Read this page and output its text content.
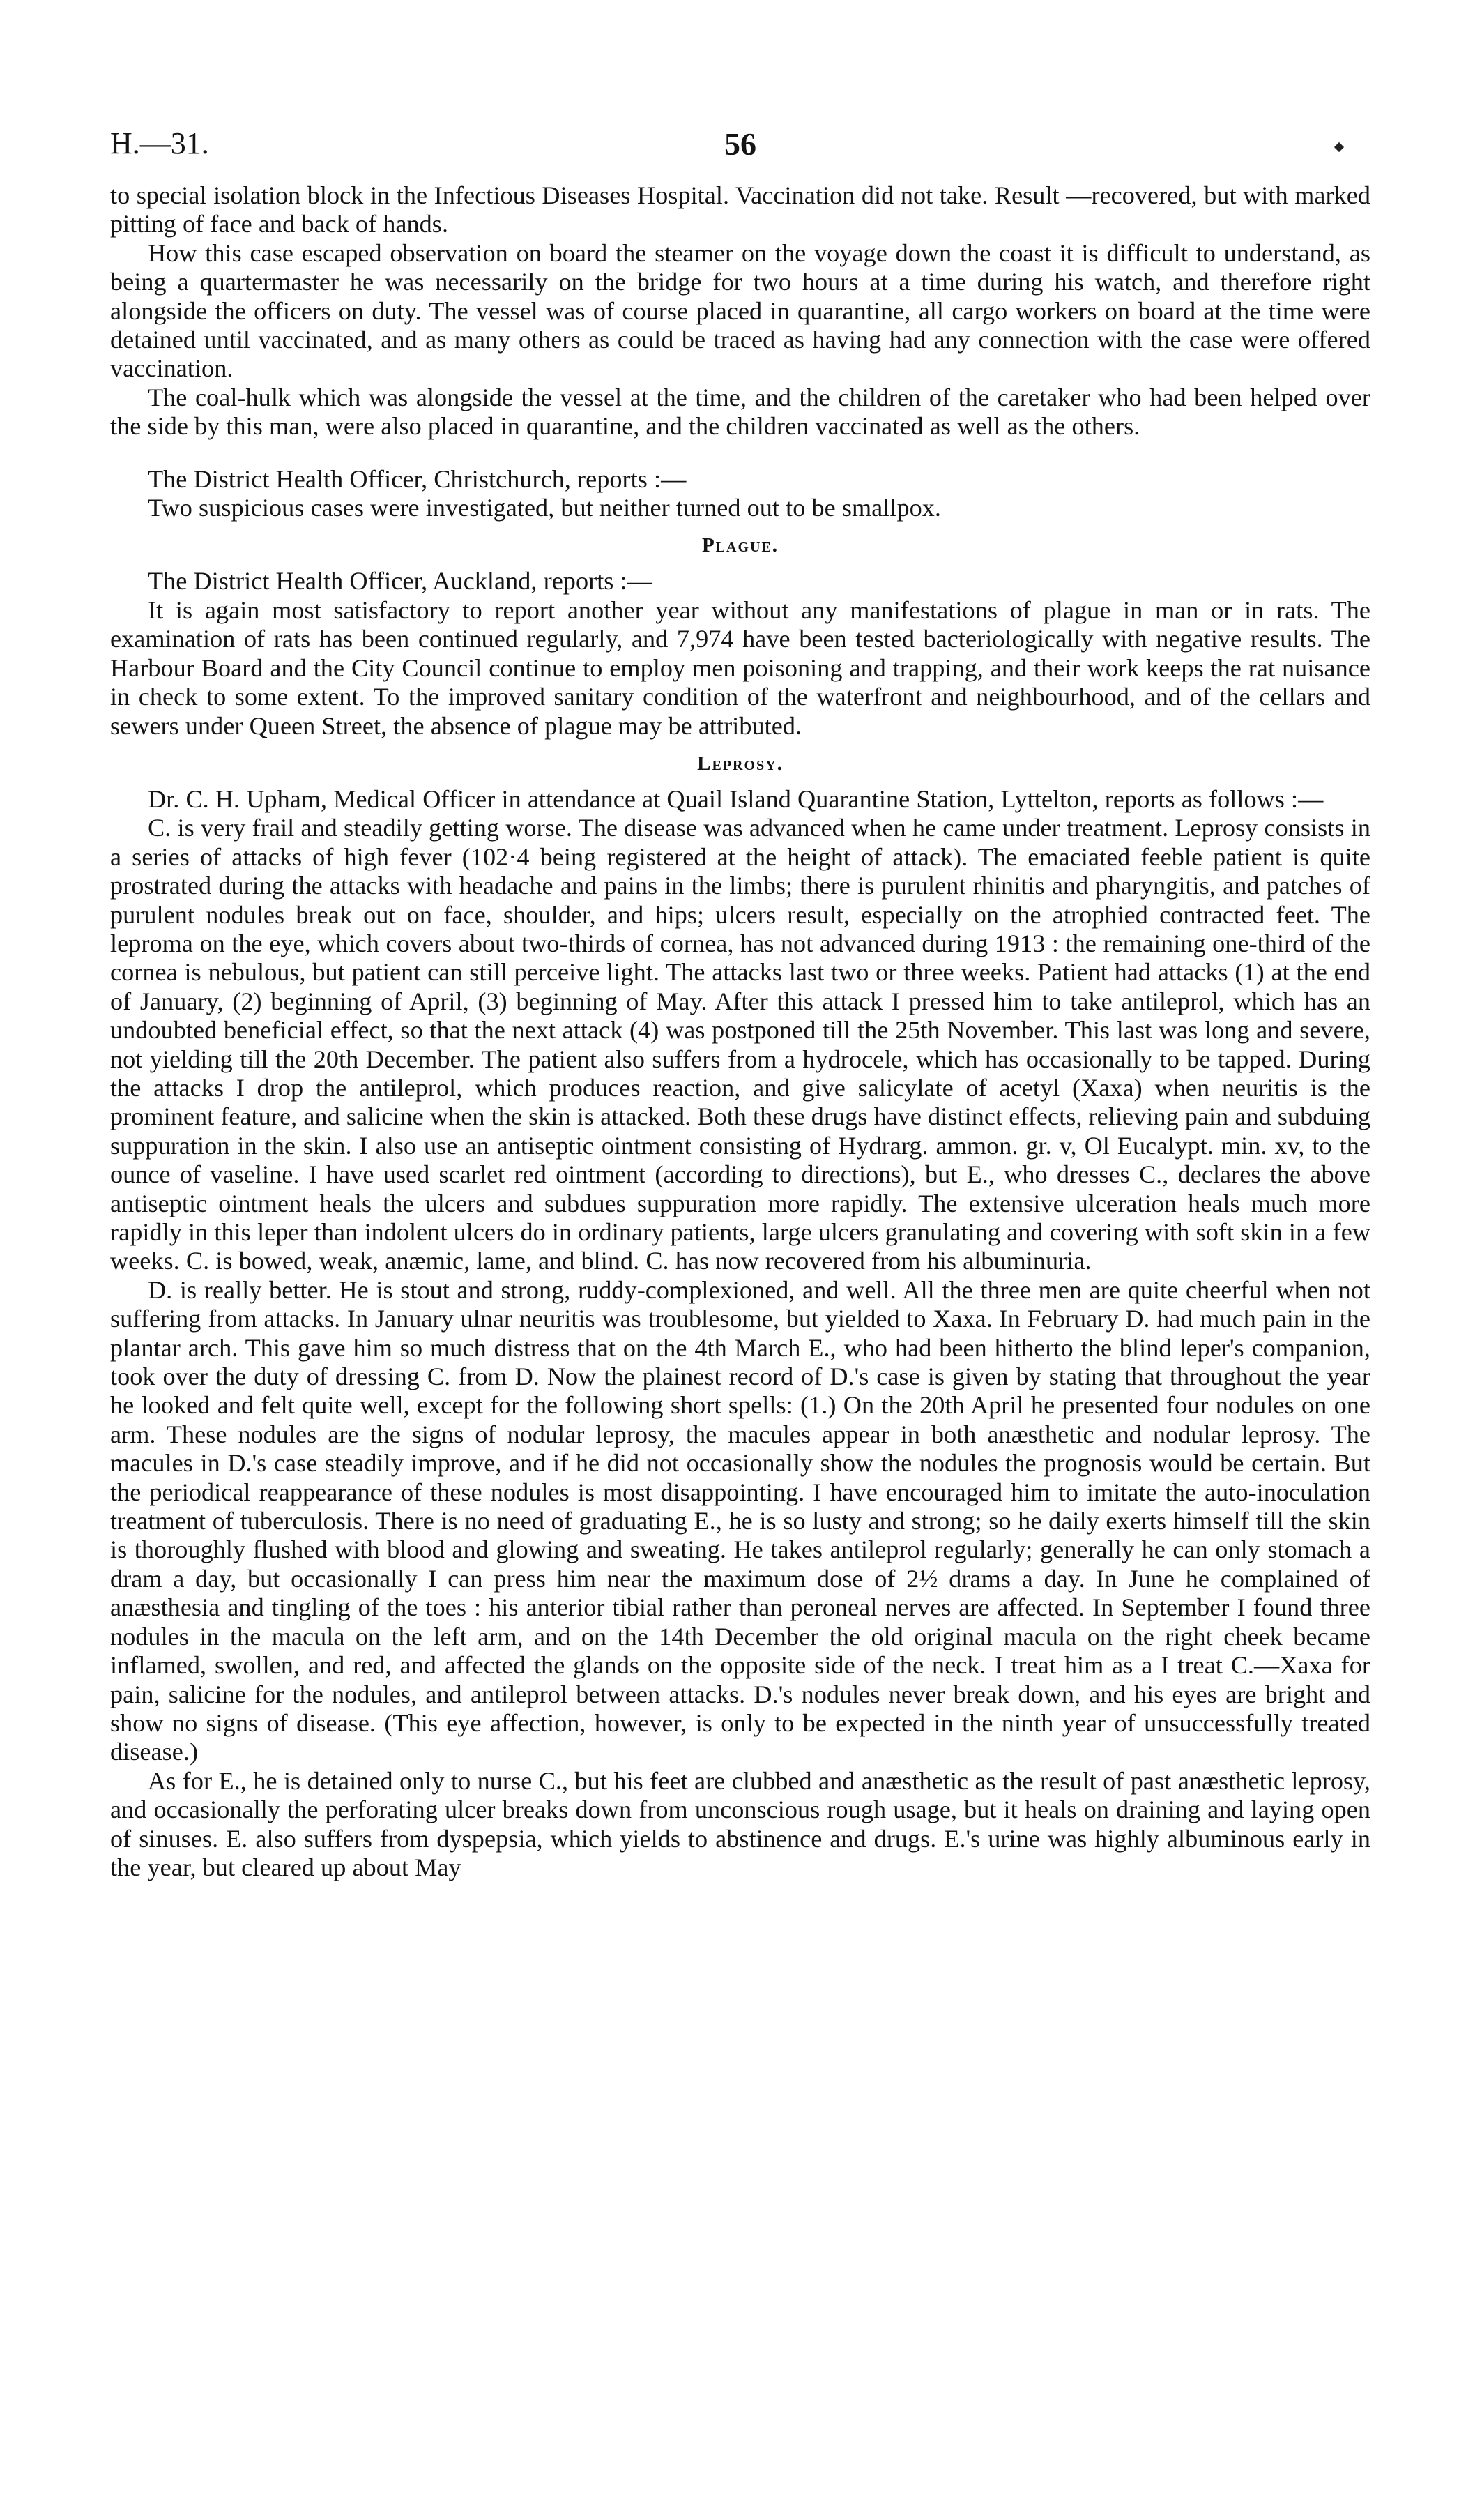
H.—31.	56

to special isolation block in the Infectious Diseases Hospital. Vaccination did not take. Result —recovered, but with marked pitting of face and back of hands.

How this case escaped observation on board the steamer on the voyage down the coast it is difficult to understand, as being a quartermaster he was necessarily on the bridge for two hours at a time during his watch, and therefore right alongside the officers on duty. The vessel was of course placed in quarantine, all cargo workers on board at the time were detained until vaccinated, and as many others as could be traced as having had any connection with the case were offered vaccination.

The coal-hulk which was alongside the vessel at the time, and the children of the caretaker who had been helped over the side by this man, were also placed in quarantine, and the children vaccinated as well as the others.

The District Health Officer, Christchurch, reports :—

Two suspicious cases were investigated, but neither turned out to be smallpox.

Plague.

The District Health Officer, Auckland, reports :—

It is again most satisfactory to report another year without any manifestations of plague in man or in rats. The examination of rats has been continued regularly, and 7,974 have been tested bacteriologically with negative results. The Harbour Board and the City Council continue to employ men poisoning and trapping, and their work keeps the rat nuisance in check to some extent. To the improved sanitary condition of the waterfront and neighbourhood, and of the cellars and sewers under Queen Street, the absence of plague may be attributed.

Leprosy.

Dr. C. H. Upham, Medical Officer in attendance at Quail Island Quarantine Station, Lyttelton, reports as follows :—

C. is very frail and steadily getting worse. The disease was advanced when he came under treatment. Leprosy consists in a series of attacks of high fever (102·4 being registered at the height of attack). The emaciated feeble patient is quite prostrated during the attacks with headache and pains in the limbs; there is purulent rhinitis and pharyngitis, and patches of purulent nodules break out on face, shoulder, and hips; ulcers result, especially on the atrophied contracted feet. The leproma on the eye, which covers about two-thirds of cornea, has not advanced during 1913 : the remaining one-third of the cornea is nebulous, but patient can still perceive light. The attacks last two or three weeks. Patient had attacks (1) at the end of January, (2) beginning of April, (3) beginning of May. After this attack I pressed him to take antileprol, which has an undoubted beneficial effect, so that the next attack (4) was postponed till the 25th November. This last was long and severe, not yielding till the 20th December. The patient also suffers from a hydrocele, which has occasionally to be tapped. During the attacks I drop the antileprol, which produces reaction, and give salicylate of acetyl (Xaxa) when neuritis is the prominent feature, and salicine when the skin is attacked. Both these drugs have distinct effects, relieving pain and subduing suppuration in the skin. I also use an antiseptic ointment consisting of Hydrarg. ammon. gr. v, Ol Eucalypt. min. xv, to the ounce of vaseline. I have used scarlet red ointment (according to directions), but E., who dresses C., declares the above antiseptic ointment heals the ulcers and subdues suppuration more rapidly. The extensive ulceration heals much more rapidly in this leper than indolent ulcers do in ordinary patients, large ulcers granulating and covering with soft skin in a few weeks. C. is bowed, weak, anæmic, lame, and blind. C. has now recovered from his albuminuria.

D. is really better. He is stout and strong, ruddy-complexioned, and well. All the three men are quite cheerful when not suffering from attacks. In January ulnar neuritis was troublesome, but yielded to Xaxa. In February D. had much pain in the plantar arch. This gave him so much distress that on the 4th March E., who had been hitherto the blind leper's companion, took over the duty of dressing C. from D. Now the plainest record of D.'s case is given by stating that throughout the year he looked and felt quite well, except for the following short spells: (1.) On the 20th April he presented four nodules on one arm. These nodules are the signs of nodular leprosy, the macules appear in both anæsthetic and nodular leprosy. The macules in D.'s case steadily improve, and if he did not occasionally show the nodules the prognosis would be certain. But the periodical reappearance of these nodules is most disappointing. I have encouraged him to imitate the auto-inoculation treatment of tuberculosis. There is no need of graduating E., he is so lusty and strong; so he daily exerts himself till the skin is thoroughly flushed with blood and glowing and sweating. He takes antileprol regularly; generally he can only stomach a dram a day, but occasionally I can press him near the maximum dose of 2½ drams a day. In June he complained of anæsthesia and tingling of the toes : his anterior tibial rather than peroneal nerves are affected. In September I found three nodules in the macula on the left arm, and on the 14th December the old original macula on the right cheek became inflamed, swollen, and red, and affected the glands on the opposite side of the neck. I treat him as a I treat C.—Xaxa for pain, salicine for the nodules, and antileprol between attacks. D.'s nodules never break down, and his eyes are bright and show no signs of disease. (This eye affection, however, is only to be expected in the ninth year of unsuccessfully treated disease.)

As for E., he is detained only to nurse C., but his feet are clubbed and anæsthetic as the result of past anæsthetic leprosy, and occasionally the perforating ulcer breaks down from unconscious rough usage, but it heals on draining and laying open of sinuses. E. also suffers from dyspepsia, which yields to abstinence and drugs. E.'s urine was highly albuminous early in the year, but cleared up about May
